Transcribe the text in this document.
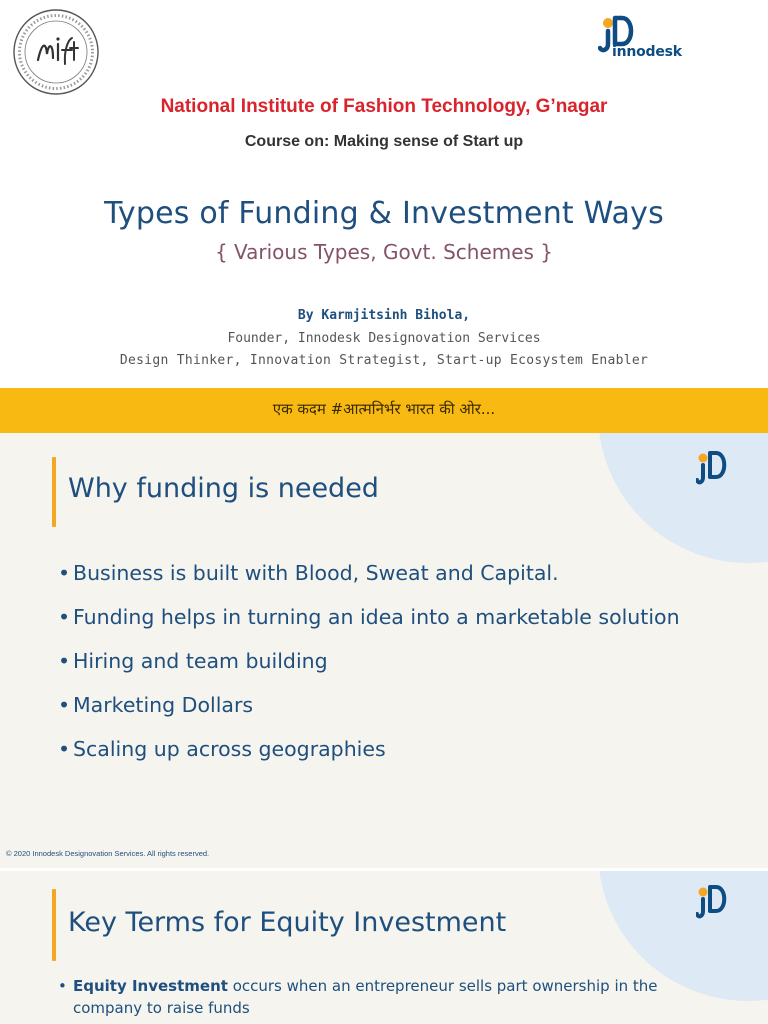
innodesk
National Institute of Fashion Technology, G’nagar
Course on: Making sense of Start up
Types of Funding & Investment Ways
{ Various Types, Govt. Schemes }
By Karmjitsinh Bihola,
Founder, Innodesk Designovation Services
Design Thinker, Innovation Strategist, Start-up Ecosystem Enabler
एक कदम #आत्मनिर्भर भारत की ओर...
Why funding is needed
• Business is built with Blood, Sweat and Capital.
• Funding helps in turning an idea into a marketable solution
• Hiring and team building
• Marketing Dollars
• Scaling up across geographies
© 2020 Innodesk Designovation Services. All rights reserved.
Key Terms for Equity Investment
• Equity Investment occurs when an entrepreneur sells part ownership in the company to raise funds
